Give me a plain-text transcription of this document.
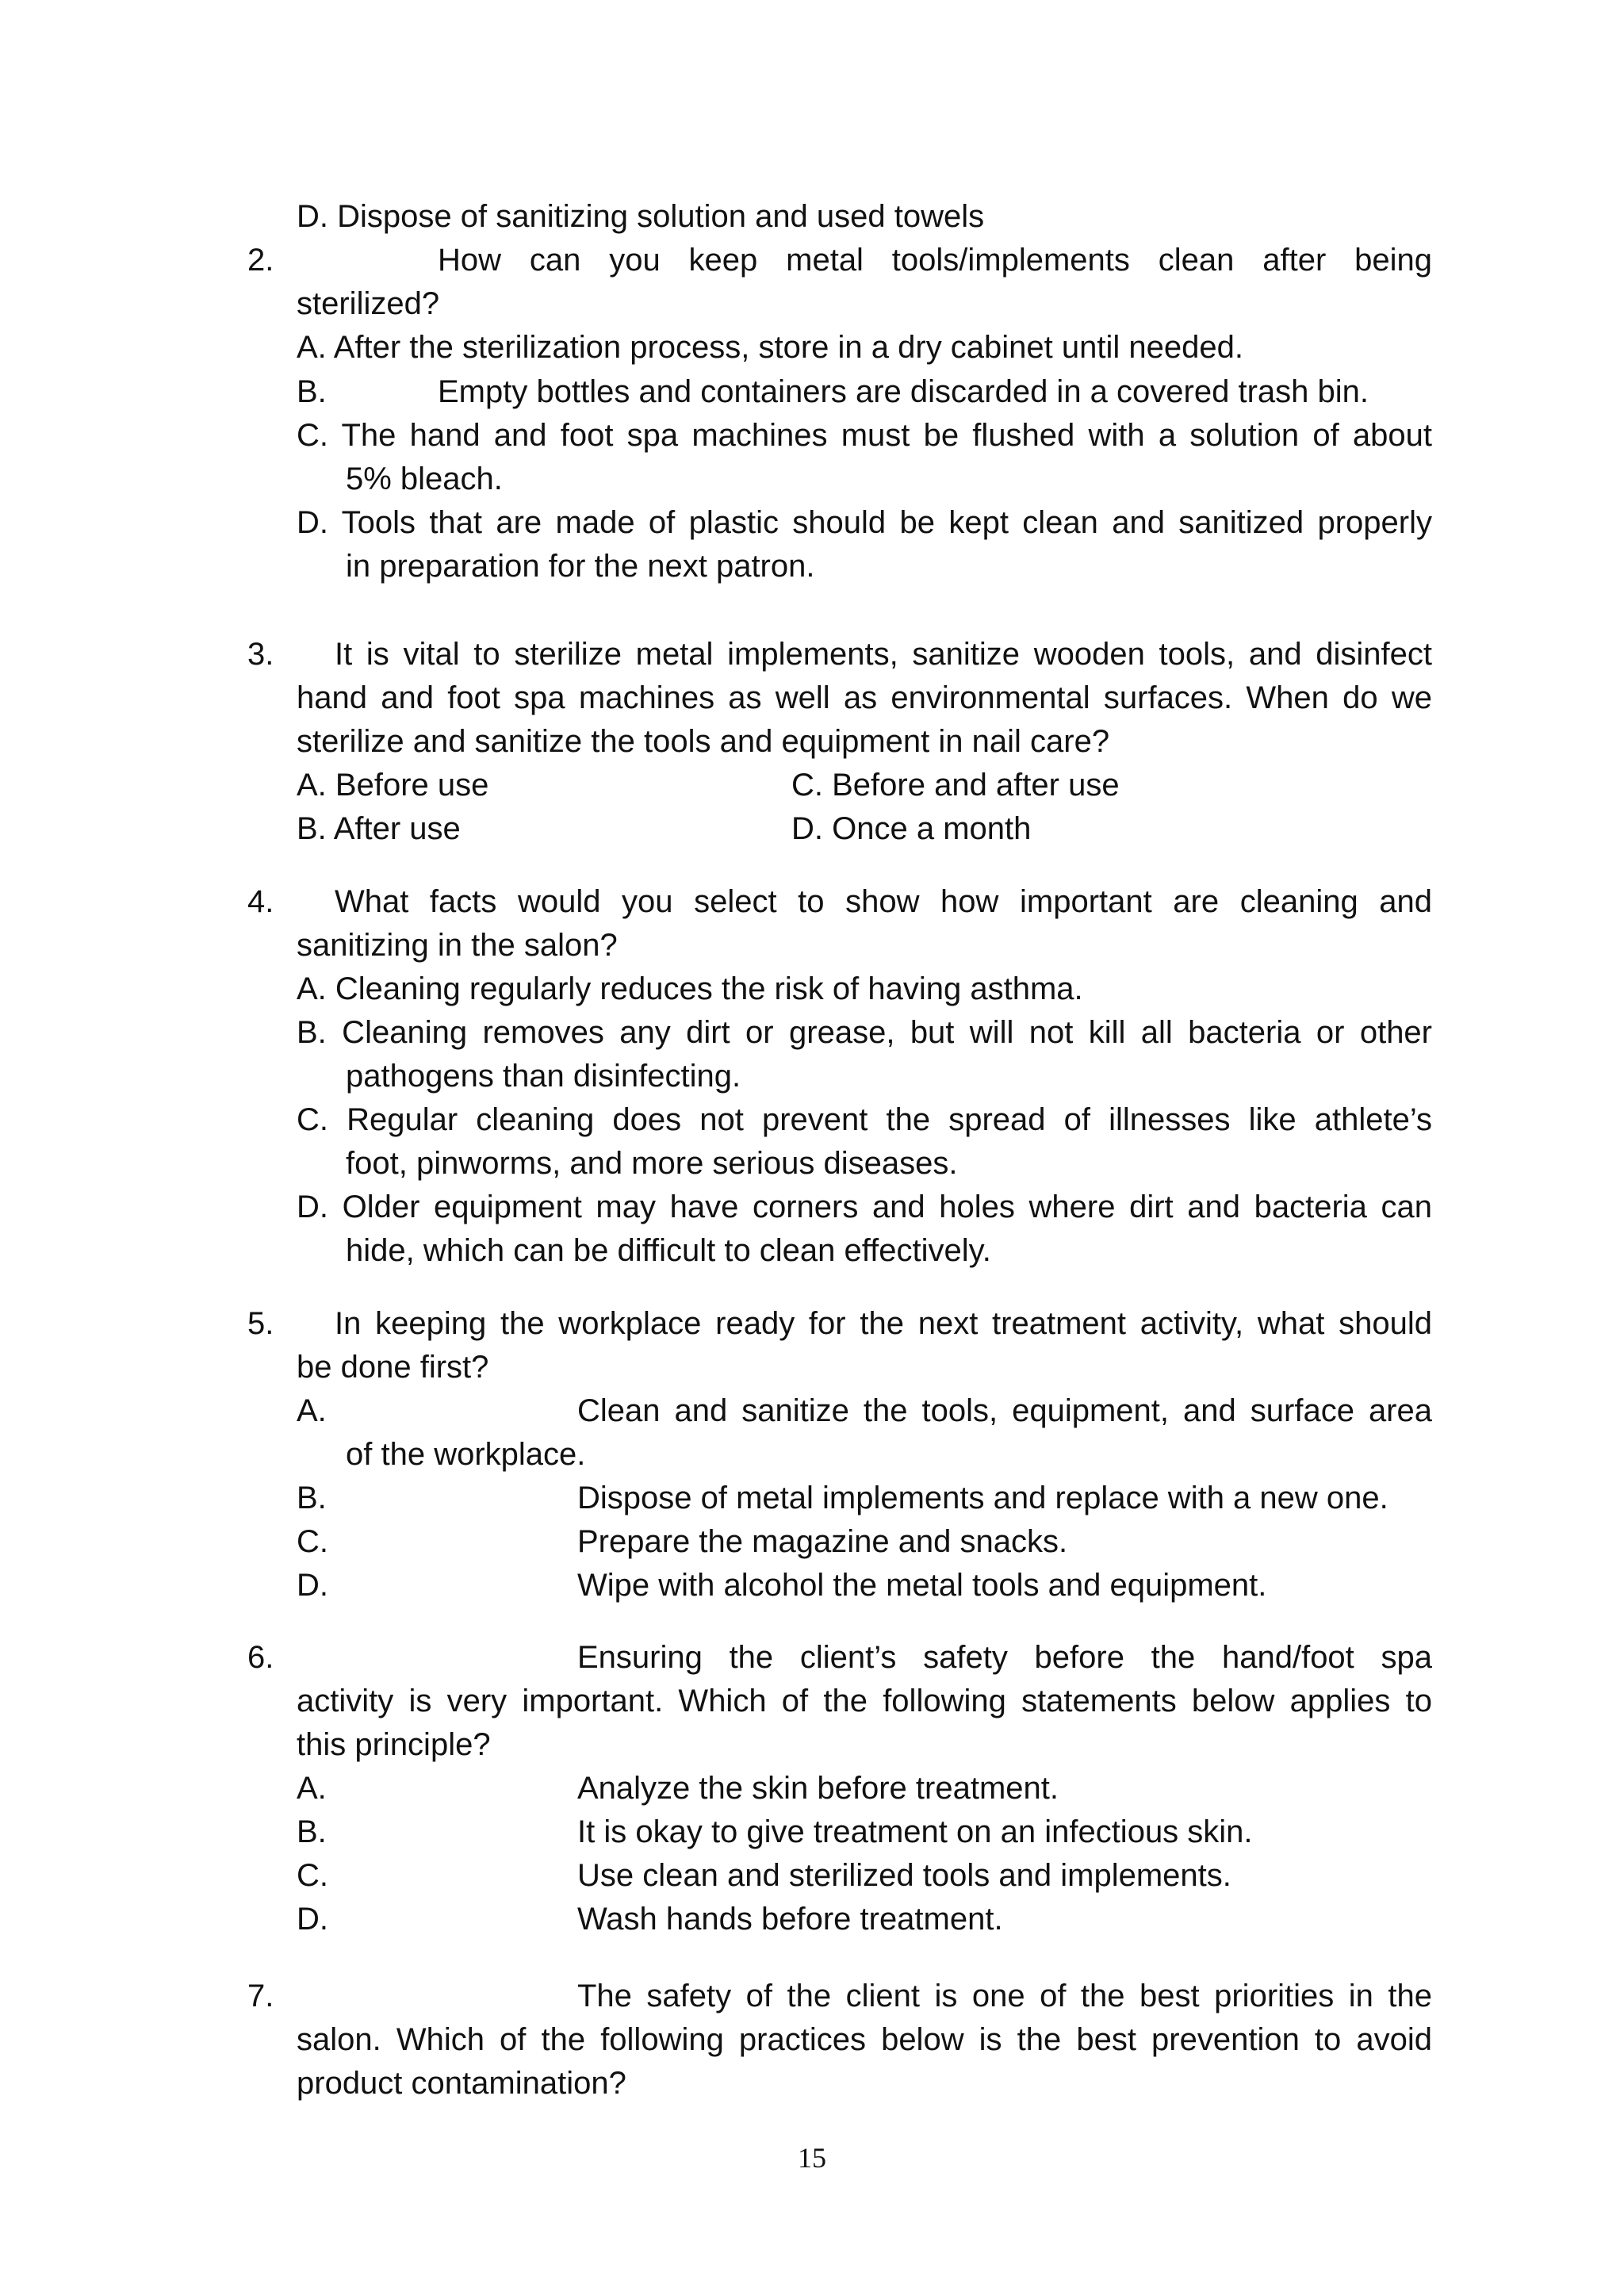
D. Dispose of sanitizing solution and used towels
2.	How can you keep metal tools/implements clean after being
sterilized?
A. After the sterilization process, store in a dry cabinet until needed.
B.	Empty bottles and containers are discarded in a covered trash bin.
C. The hand and foot spa machines must be flushed with a solution of about
5% bleach.
D. Tools that are made of plastic should be kept clean and sanitized properly
in preparation for the next patron.
3. It is vital to sterilize metal implements, sanitize wooden tools, and disinfect
hand and foot spa machines as well as environmental surfaces. When do we
sterilize and sanitize the tools and equipment in nail care?
A. Before use	C. Before and after use
B. After use	D. Once a month
4. What facts would you select to show how important are cleaning and
sanitizing in the salon?
A. Cleaning regularly reduces the risk of having asthma.
B. Cleaning removes any dirt or grease, but will not kill all bacteria or other
pathogens than disinfecting.
C. Regular cleaning does not prevent the spread of illnesses like athlete’s
foot, pinworms, and more serious diseases.
D. Older equipment may have corners and holes where dirt and bacteria can
hide, which can be difficult to clean effectively.
5. In keeping the workplace ready for the next treatment activity, what should
be done first?
A.	Clean and sanitize the tools, equipment, and surface area
of the workplace.
B.	Dispose of metal implements and replace with a new one.
C.	Prepare the magazine and snacks.
D.	Wipe with alcohol the metal tools and equipment.
6.	Ensuring the client’s safety before the hand/foot spa
activity is very important. Which of the following statements below applies to
this principle?
A.	Analyze the skin before treatment.
B.	It is okay to give treatment on an infectious skin.
C.	Use clean and sterilized tools and implements.
D.	Wash hands before treatment.
7.	The safety of the client is one of the best priorities in the
salon. Which of the following practices below is the best prevention to avoid
product contamination?
15
